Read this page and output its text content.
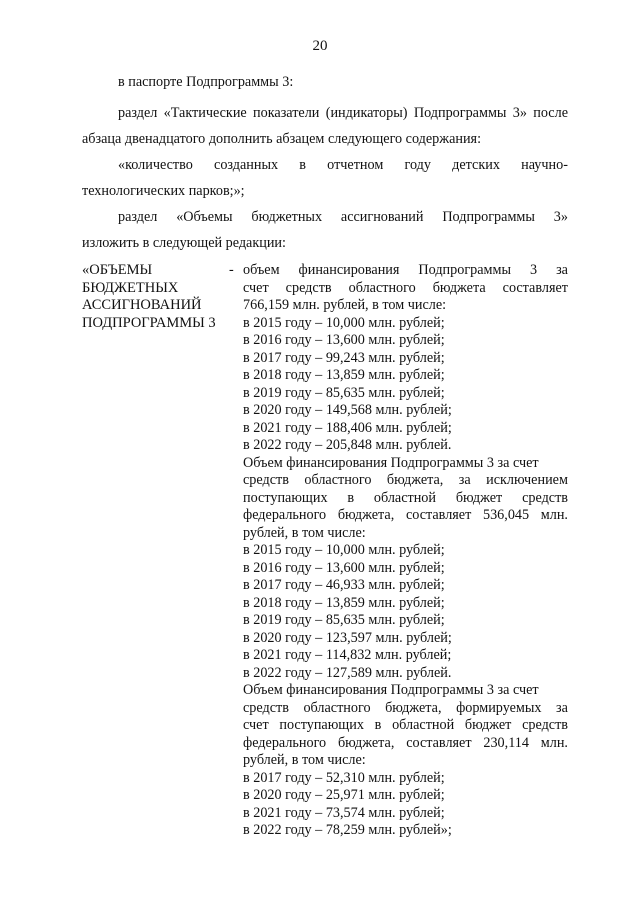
20
в паспорте Подпрограммы 3:
раздел «Тактические показатели (индикаторы) Подпрограммы 3» после абзаца двенадцатого дополнить абзацем следующего содержания:
«количество созданных в отчетном году детских научно-
технологических парков;»;
раздел «Объемы бюджетных ассигнований Подпрограммы 3»
изложить в следующей редакции:
«ОБЪЕМЫ
БЮДЖЕТНЫХ
АССИГНОВАНИЙ
ПОДПРОГРАММЫ 3
- объем финансирования Подпрограммы 3 за
счет средств областного бюджета составляет
766,159 млн. рублей, в том числе:
в 2015 году – 10,000 млн. рублей;
в 2016 году – 13,600 млн. рублей;
в 2017 году – 99,243 млн. рублей;
в 2018 году – 13,859 млн. рублей;
в 2019 году – 85,635 млн. рублей;
в 2020 году – 149,568 млн. рублей;
в 2021 году – 188,406 млн. рублей;
в 2022 году – 205,848 млн. рублей.
Объем финансирования Подпрограммы 3 за счет
средств областного бюджета, за исключением
поступающих в областной бюджет средств
федерального бюджета, составляет 536,045 млн.
рублей, в том числе:
в 2015 году – 10,000 млн. рублей;
в 2016 году – 13,600 млн. рублей;
в 2017 году – 46,933 млн. рублей;
в 2018 году – 13,859 млн. рублей;
в 2019 году – 85,635 млн. рублей;
в 2020 году – 123,597 млн. рублей;
в 2021 году – 114,832 млн. рублей;
в 2022 году – 127,589 млн. рублей.
Объем финансирования Подпрограммы 3 за счет
средств областного бюджета, формируемых за
счет поступающих в областной бюджет средств
федерального бюджета, составляет 230,114 млн.
рублей, в том числе:
в 2017 году – 52,310 млн. рублей;
в 2020 году – 25,971 млн. рублей;
в 2021 году – 73,574 млн. рублей;
в 2022 году – 78,259 млн. рублей»;
